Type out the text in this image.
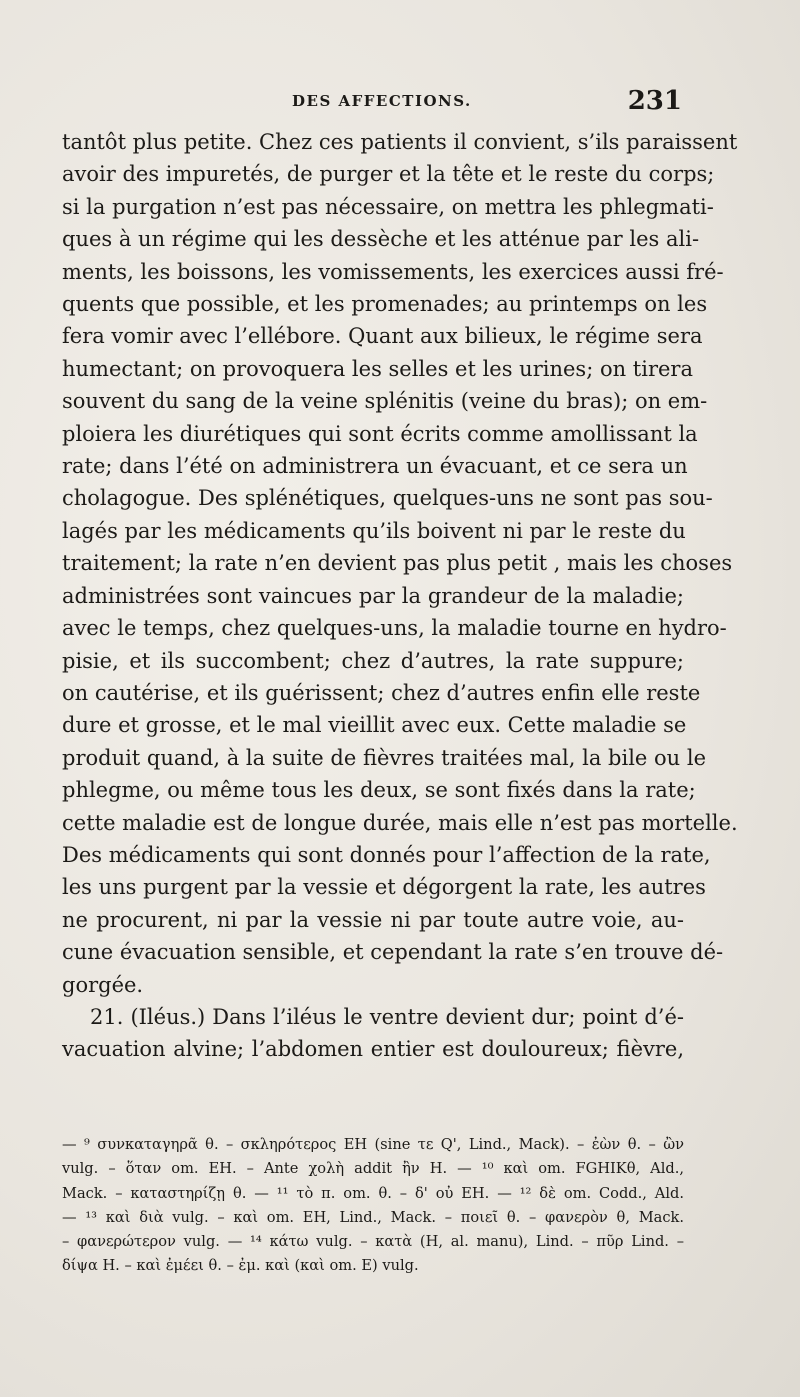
DES AFFECTIONS.	231
tantôt plus petite. Chez ces patients il convient, s’ils paraissent
avoir des impuretés, de purger et la tête et le reste du corps;
si la purgation n’est pas nécessaire, on mettra les phlegmati-
ques à un régime qui les dessèche et les atténue par les ali-
ments, les boissons, les vomissements, les exercices aussi fré-
quents que possible, et les promenades; au printemps on les
fera vomir avec l’ellébore. Quant aux bilieux, le régime sera
humectant; on provoquera les selles et les urines; on tirera
souvent du sang de la veine splénitis (veine du bras); on em-
ploiera les diurétiques qui sont écrits comme amollissant la
rate; dans l’été on administrera un évacuant, et ce sera un
cholagogue. Des splénétiques, quelques-uns ne sont pas sou-
lagés par les médicaments qu’ils boivent ni par le reste du
traitement; la rate n’en devient pas plus petit , mais les choses
administrées sont vaincues par la grandeur de la maladie;
avec le temps, chez quelques-uns, la maladie tourne en hydro-
pisie, et ils succombent; chez d’autres, la rate suppure;
on cautérise, et ils guérissent; chez d’autres enfin elle reste
dure et grosse, et le mal vieillit avec eux. Cette maladie se
produit quand, à la suite de fièvres traitées mal, la bile ou le
phlegme, ou même tous les deux, se sont fixés dans la rate;
cette maladie est de longue durée, mais elle n’est pas mortelle.
Des médicaments qui sont donnés pour l’affection de la rate,
les uns purgent par la vessie et dégorgent la rate, les autres
ne procurent, ni par la vessie ni par toute autre voie, au-
cune évacuation sensible, et cependant la rate s’en trouve dé-
gorgée.
21. (Iléus.) Dans l’iléus le ventre devient dur; point d’é-
vacuation alvine; l’abdomen entier est douloureux; fièvre,
— ⁹ συνκαταγηρᾶ θ. – σκληρότερος EH (sine τε Q', Lind., Mack). – ἐὼν θ. – ὢν
vulg. – ὅταν om. EH. – Ante χολὴ addit ἢν H. — ¹⁰ καὶ om. FGHIKθ, Ald.,
Mack. – καταστηρίζῃ θ. — ¹¹ τὸ π. om. θ. – δ' οὐ EH. — ¹² δὲ om. Codd., Ald.
— ¹³ καὶ διὰ vulg. – καὶ om. EH, Lind., Mack. – ποιεῖ θ. – φανερὸν θ, Mack.
– φανερώτερον vulg. — ¹⁴ κάτω vulg. – κατὰ (H, al. manu), Lind. – πῦρ Lind. –
δίψα H. – καὶ ἐμέει θ. – ἐμ. καὶ (καὶ om. E) vulg.
